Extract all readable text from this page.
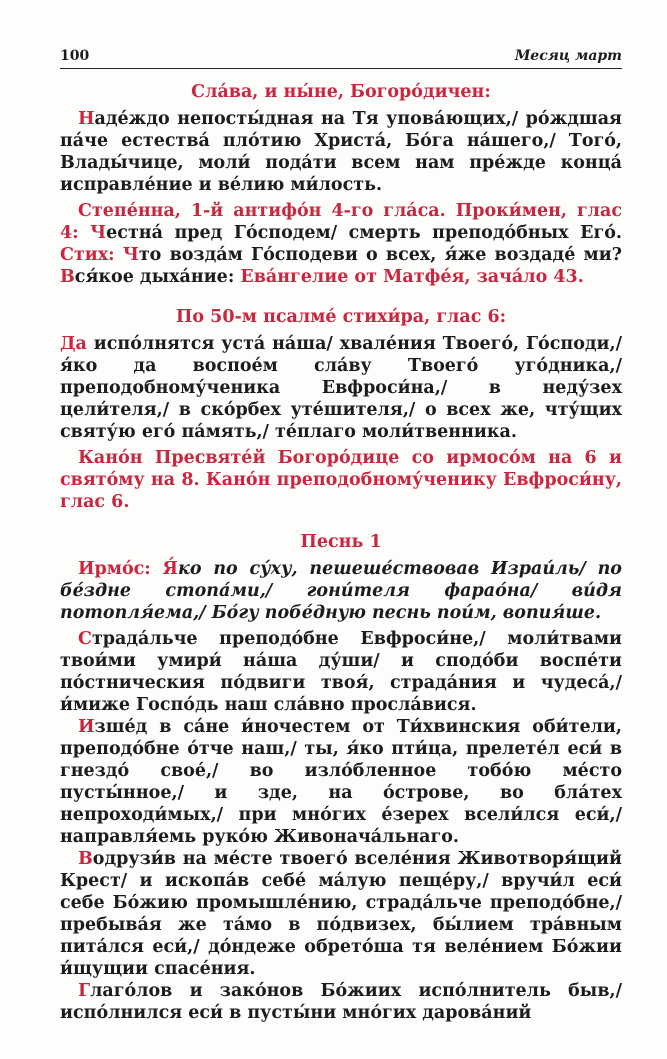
100	Месяц март

Сла́ва, и ны́не, Богоро́дичен:

Наде́ждо непосты́дная на Тя упова́ющих,/ ро́ждшая па́че естества́ пло́тию Христа́, Бо́га на́шего,/ Того́, Влады́чице, моли́ пода́ти всем нам пре́жде конца́ исправле́ние и ве́лию ми́лость.

Степе́нна, 1-й антифо́н 4-го гла́са. Проки́мен, глас 4: Честна́ пред Го́сподем/ смерть преподо́бных Его́. Стих: Что возда́м Го́сподеви о всех, я́же воздаде́ ми? Вся́кое дыха́ние: Ева́нгелие от Матфе́я, зача́ло 43.

По 50-м псалме́ стихи́ра, глас 6:

Да испо́лнятся уста́ на́ша/ хвале́ния Твоего́, Го́споди,/ я́ко да воспое́м сла́ву Твоего́ уго́дника,/ преподобному́ченика Евфроси́на,/ в неду́зех цели́теля,/ в ско́рбех уте́шителя,/ о всех же, чту́щих святу́ю его́ па́мять,/ те́плаго моли́твенника.

Кано́н Пресвяте́й Богоро́дице со ирмосо́м на 6 и свято́му на 8. Кано́н преподобному́ченику Евфроси́ну, глас 6.

Песнь 1

Ирмо́с: Я́ко по су́ху, пешеше́ствовав Израи́ль/ по бе́здне стопа́ми,/ гони́теля фарао́на/ ви́дя потопля́ема,/ Бо́гу побе́дную песнь пои́м, вопия́ше.

Страда́льче преподо́бне Евфроси́не,/ моли́твами твои́ми умири́ на́ша ду́ши/ и сподо́би воспе́ти по́стническия по́двиги твоя́, страда́ния и чудеса́,/ и́миже Госпо́дь наш сла́вно просла́вися.

Изше́д в са́не и́ночестем от Ти́хвинския оби́тели, преподо́бне о́тче наш,/ ты, я́ко пти́ца, прелете́л еси́ в гнездо́ свое́,/ во изло́бленное тобо́ю ме́сто пусты́нное,/ и зде, на о́строве, во бла́тех непроходи́мых,/ при мно́гих е́зерех всели́лся еси́,/ направля́емь руко́ю Живонача́льнаго.

Водрузи́в на ме́сте твоего́ вселе́ния Животворя́щий Крест/ и ископа́в себе́ ма́лую пеще́ру,/ вручи́л еси́ себе Бо́жию промышле́нию, страда́льче преподо́бне,/ пребыва́я же та́мо в по́двизех, бы́лием тра́вным пита́лся еси́,/ до́ндеже обрето́ша тя веле́нием Бо́жии и́щущии спасе́ния.

Глаго́лов и зако́нов Бо́жиих испо́лнитель быв,/ испо́лнился еси́ в пусты́ни мно́гих дарова́ний
